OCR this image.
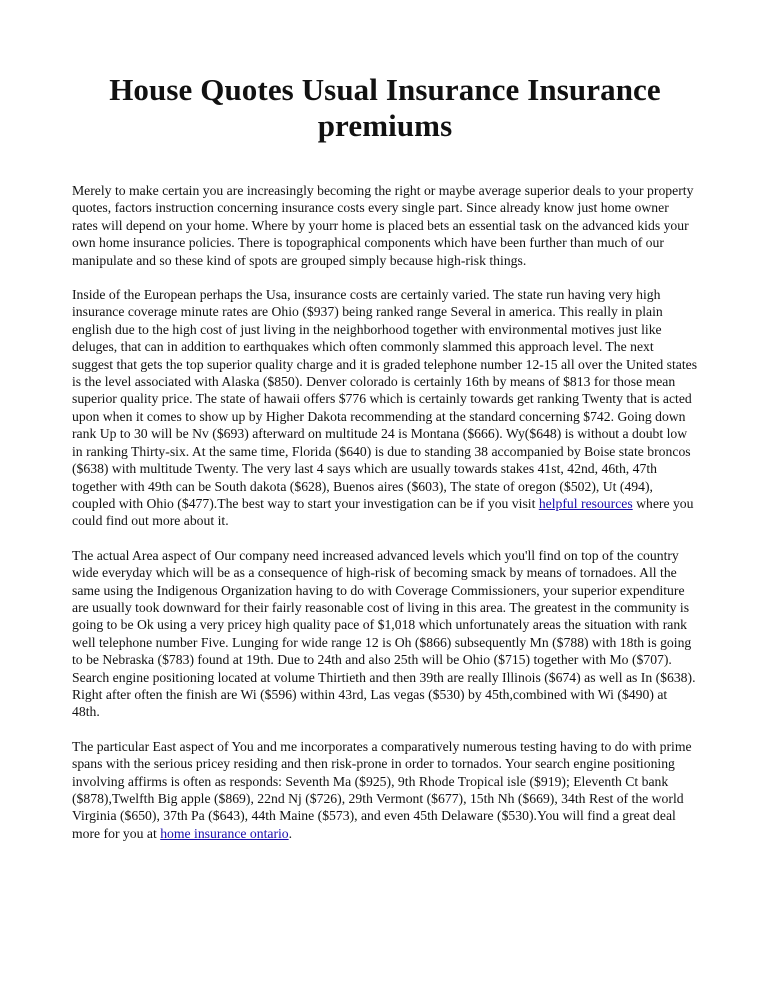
House Quotes Usual Insurance Insurance premiums

Merely to make certain you are increasingly becoming the right or maybe average superior deals to your property quotes, factors instruction concerning insurance costs every single part. Since already know just home owner rates will depend on your home. Where by yourr home is placed bets an essential task on the advanced kids your own home insurance policies. There is topographical components which have been further than much of our manipulate and so these kind of spots are grouped simply because high-risk things.

Inside of the European perhaps the Usa, insurance costs are certainly varied. The state run having very high insurance coverage minute rates are Ohio ($937) being ranked range Several in america. This really in plain english due to the high cost of just living in the neighborhood together with environmental motives just like deluges, that can in addition to earthquakes which often commonly slammed this approach level. The next suggest that gets the top superior quality charge and it is graded telephone number 12-15 all over the United states is the level associated with Alaska ($850). Denver colorado is certainly 16th by means of $813 for those mean superior quality price. The state of hawaii offers $776 which is certainly towards get ranking Twenty that is acted upon when it comes to show up by Higher Dakota recommending at the standard concerning $742. Going down rank Up to 30 will be Nv ($693) afterward on multitude 24 is Montana ($666). Wy($648) is without a doubt low in ranking Thirty-six. At the same time, Florida ($640) is due to standing 38 accompanied by Boise state broncos ($638) with multitude Twenty. The very last 4 says which are usually towards stakes 41st, 42nd, 46th, 47th together with 49th can be South dakota ($628), Buenos aires ($603), The state of oregon ($502), Ut (494), coupled with Ohio ($477).The best way to start your investigation can be if you visit helpful resources where you could find out more about it.

The actual Area aspect of Our company need increased advanced levels which you'll find on top of the country wide everyday which will be as a consequence of high-risk of becoming smack by means of tornadoes. All the same using the Indigenous Organization having to do with Coverage Commissioners, your superior expenditure are usually took downward for their fairly reasonable cost of living in this area. The greatest in the community is going to be Ok using a very pricey high quality pace of $1,018 which unfortunately areas the situation with rank well telephone number Five. Lunging for wide range 12 is Oh ($866) subsequently Mn ($788) with 18th is going to be Nebraska ($783) found at 19th. Due to 24th and also 25th will be Ohio ($715) together with Mo ($707). Search engine positioning located at volume Thirtieth and then 39th are really Illinois ($674) as well as In ($638). Right after often the finish are Wi ($596) within 43rd, Las vegas ($530) by 45th,combined with Wi ($490) at 48th.

The particular East aspect of You and me incorporates a comparatively numerous testing having to do with prime spans with the serious pricey residing and then risk-prone in order to tornados. Your search engine positioning involving affirms is often as responds: Seventh Ma ($925), 9th Rhode Tropical isle ($919); Eleventh Ct bank ($878),Twelfth Big apple ($869), 22nd Nj ($726), 29th Vermont ($677), 15th Nh ($669), 34th Rest of the world Virginia ($650), 37th Pa ($643), 44th Maine ($573), and even 45th Delaware ($530).You will find a great deal more for you at home insurance ontario.
